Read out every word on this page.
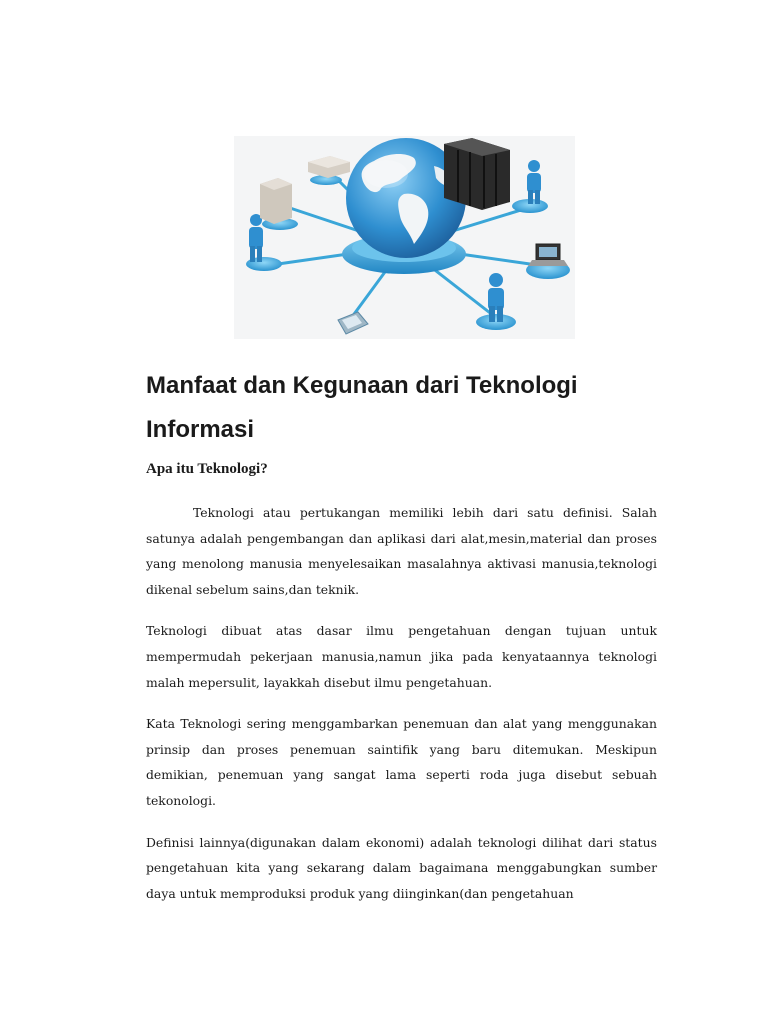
Manfaat dan Kegunaan dari Teknologi Informasi
Apa itu Teknologi?

Teknologi atau pertukangan memiliki lebih dari satu definisi. Salah satunya adalah pengembangan dan aplikasi dari alat,mesin,material dan proses yang menolong manusia menyelesaikan masalahnya aktivasi manusia,teknologi dikenal sebelum sains,dan teknik.

Teknologi dibuat atas dasar ilmu pengetahuan dengan tujuan untuk mempermudah pekerjaan manusia,namun jika pada kenyataannya teknologi malah mepersulit, layakkah disebut ilmu pengetahuan.

Kata Teknologi sering menggambarkan penemuan dan alat yang menggunakan prinsip dan proses penemuan saintifik yang baru ditemukan. Meskipun demikian, penemuan yang sangat lama seperti roda juga disebut sebuah tekonologi.

Definisi lainnya(digunakan dalam ekonomi) adalah teknologi dilihat dari status pengetahuan kita yang sekarang dalam bagaimana menggabungkan sumber daya untuk memproduksi produk yang diinginkan(dan pengetahuan
